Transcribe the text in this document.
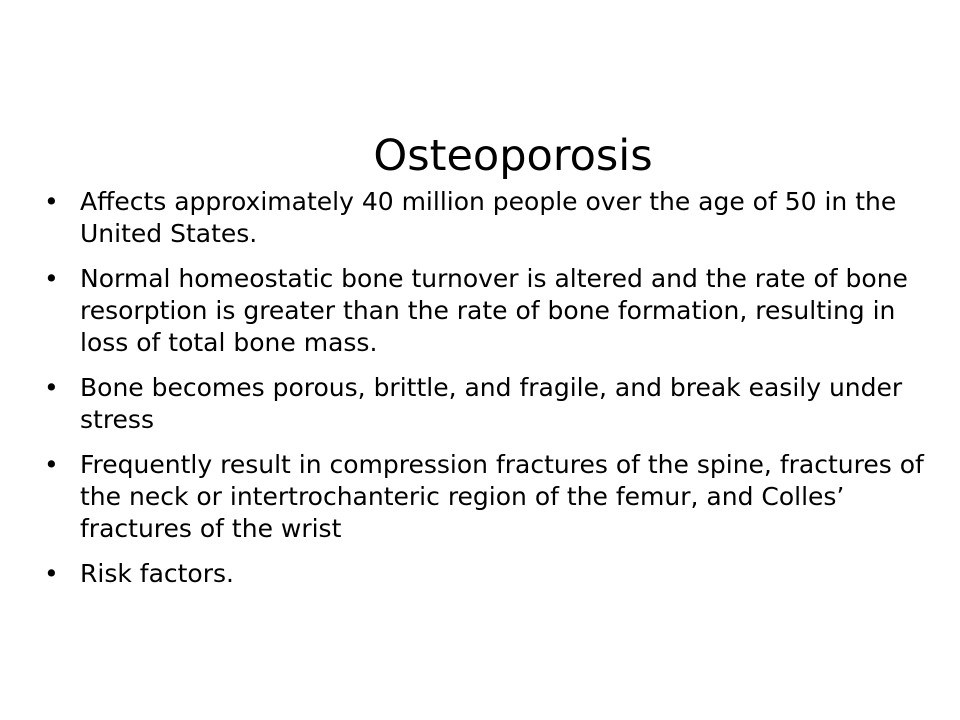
Osteoporosis
• Affects approximately 40 million people over the age of 50 in the United States.
• Normal homeostatic bone turnover is altered and the rate of bone resorption is greater than the rate of bone formation, resulting in loss of total bone mass.
• Bone becomes porous, brittle, and fragile, and break easily under stress
• Frequently result in compression fractures of the spine, fractures of the neck or intertrochanteric region of the femur, and Colles’ fractures of the wrist
• Risk factors.
